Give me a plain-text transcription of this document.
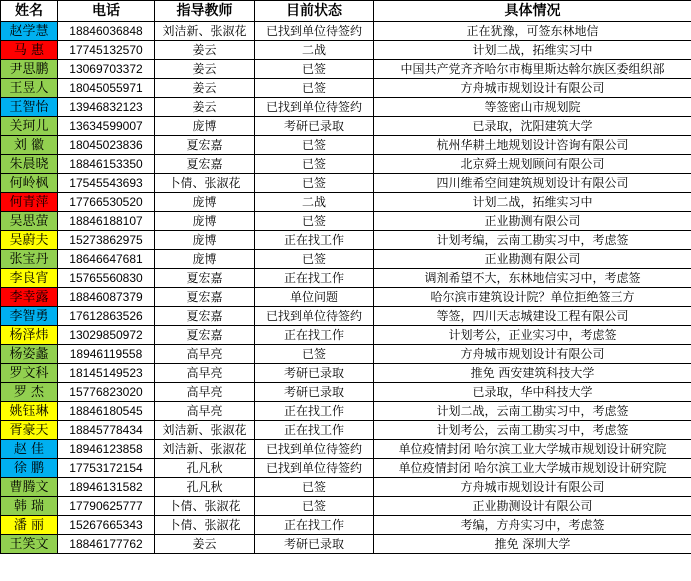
姓名	电话	指导教师	目前状态	具体情况
赵学慧	18846036848	刘洁新、张淑花	已找到单位待签约	正在犹豫，可签东林地信
马 惠	17745132570	姜云	二战	计划二战，拓维实习中
尹思鹏	13069703372	姜云	已签	中国共产党齐齐哈尔市梅里斯达斡尔族区委组织部
王昱人	18045055971	姜云	已签	方舟城市规划设计有限公司
王智怡	13946832123	姜云	已找到单位待签约	等签密山市规划院
关珂儿	13634599007	庞博	考研已录取	已录取，沈阳建筑大学
刘 徽	18045023836	夏宏嘉	已签	杭州华耕土地规划设计咨询有限公司
朱晨晓	18846153350	夏宏嘉	已签	北京舜土规划顾问有限公司
何岭枫	17545543693	卜倩、张淑花	已签	四川维希空间建筑规划设计有限公司
何青萍	17766530520	庞博	二战	计划二战，拓维实习中
吴思萤	18846188107	庞博	已签	正业勘测有限公司
吴蔚夫	15273862975	庞博	正在找工作	计划考编，云南工勘实习中，考虑签
张宝丹	18646647681	庞博	已签	正业勘测有限公司
李良宵	15765560830	夏宏嘉	正在找工作	调剂希望不大，东林地信实习中，考虑签
李幸露	18846087379	夏宏嘉	单位问题	哈尔滨市建筑设计院？单位拒绝签三方
李智勇	17612863526	夏宏嘉	已找到单位待签约	等签，四川天志城建设工程有限公司
杨泽炜	13029850972	夏宏嘉	正在找工作	计划考公，正业实习中，考虑签
杨姿蠡	18946119558	高早亮	已签	方舟城市规划设计有限公司
罗文科	18145149523	高早亮	考研已录取	推免 西安建筑科技大学
罗 杰	15776823020	高早亮	考研已录取	已录取，华中科技大学
姚钰琳	18846180545	高早亮	正在找工作	计划二战，云南工勘实习中，考虑签
胥豪天	18845778434	刘洁新、张淑花	正在找工作	计划考公，云南工勘实习中，考虑签
赵 佳	18946123858	刘洁新、张淑花	已找到单位待签约	单位疫情封闭 哈尔滨工业大学城市规划设计研究院
徐 鹏	17753172154	孔凡秋	已找到单位待签约	单位疫情封闭 哈尔滨工业大学城市规划设计研究院
曹腾文	18946131582	孔凡秋	已签	方舟城市规划设计有限公司
韩 瑞	17790625777	卜倩、张淑花	已签	正业勘测设计有限公司
潘 丽	15267665343	卜倩、张淑花	正在找工作	考编，方舟实习中，考虑签
王笑文	18846177762	姜云	考研已录取	推免 深圳大学
